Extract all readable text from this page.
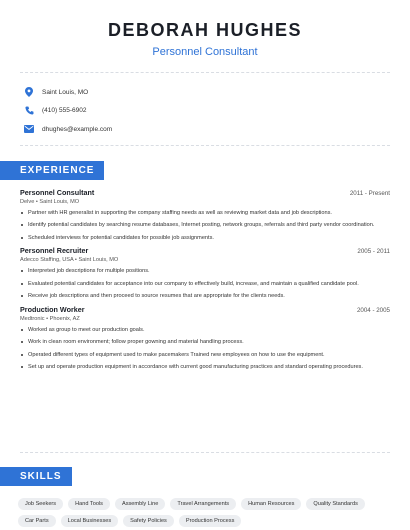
DEBORAH HUGHES
Personnel Consultant
Saint Louis, MO
(410) 555-6902
dhughes@example.com
EXPERIENCE
Personnel Consultant	2011 - Present
Delve • Saint Louis, MO
Partner with HR generalist in supporting the company staffing needs as well as reviewing market data and job descriptions.
Identify potential candidates by searching resume databases, Internet posting, network groups, referrals and third party vendor coordination.
Scheduled interviews for potential candidates for possible job assignments.
Personnel Recruiter	2005 - 2011
Adecco Staffing, USA • Saint Louis, MO
Interpreted job descriptions for multiple positions.
Evaluated potential candidates for acceptance into our company to effectively build, increase, and maintain a qualified candidate pool.
Receive job descriptions and then proceed to source resumes that are appropriate for the clients needs.
Production Worker	2004 - 2005
Medtronic • Phoenix, AZ
Worked as group to meet our production goals.
Work in clean room environment; follow proper gowning and material handling process.
Operated different types of equipment used to make pacemakers Trained new employees on how to use the equipment.
Set up and operate production equipment in accordance with current good manufacturing practices and standard operating procedures.
SKILLS
Job Seekers	Hand Tools	Assembly Line	Travel Arrangements	Human Resources	Quality Standards
Car Parts	Local Businesses	Safety Policies	Production Process
